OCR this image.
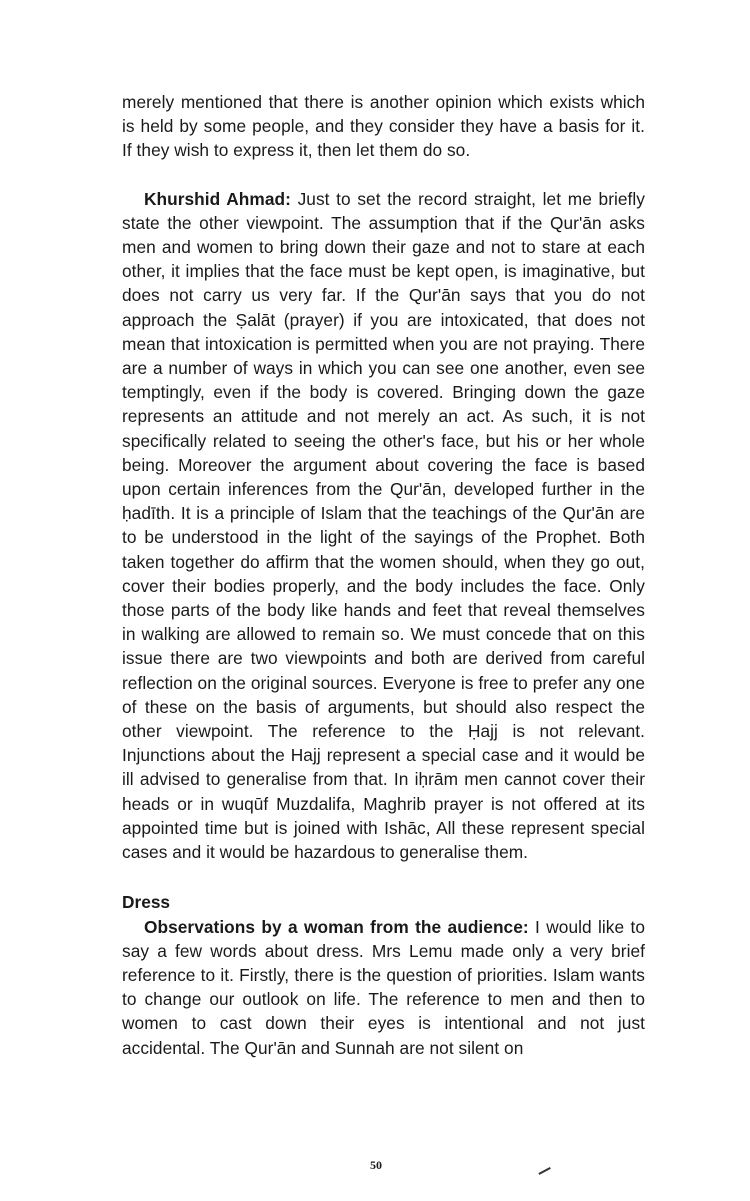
merely mentioned that there is another opinion which exists which is held by some people, and they consider they have a basis for it. If they wish to express it, then let them do so.

Khurshid Ahmad: Just to set the record straight, let me briefly state the other viewpoint. The assumption that if the Qur'ān asks men and women to bring down their gaze and not to stare at each other, it implies that the face must be kept open, is imaginative, but does not carry us very far. If the Qur'ān says that you do not approach the Ṣalāt (prayer) if you are intoxicated, that does not mean that intoxication is permitted when you are not praying. There are a number of ways in which you can see one another, even see temptingly, even if the body is covered. Bringing down the gaze represents an attitude and not merely an act. As such, it is not specifically related to seeing the other's face, but his or her whole being. Moreover the argument about covering the face is based upon certain inferences from the Qur'ān, developed further in the ḥadīth. It is a principle of Islam that the teachings of the Qur'ān are to be understood in the light of the sayings of the Prophet. Both taken together do affirm that the women should, when they go out, cover their bodies properly, and the body includes the face. Only those parts of the body like hands and feet that reveal themselves in walking are allowed to remain so. We must concede that on this issue there are two viewpoints and both are derived from careful reflection on the original sources. Everyone is free to prefer any one of these on the basis of arguments, but should also respect the other viewpoint. The reference to the Ḥajj is not relevant. Injunctions about the Hajj represent a special case and it would be ill advised to generalise from that. In iḥrām men cannot cover their heads or in wuqūf Muzdalifa, Maghrib prayer is not offered at its appointed time but is joined with Ishāc, All these represent special cases and it would be hazardous to generalise them.

Dress

Observations by a woman from the audience: I would like to say a few words about dress. Mrs Lemu made only a very brief reference to it. Firstly, there is the question of priorities. Islam wants to change our outlook on life. The reference to men and then to women to cast down their eyes is intentional and not just accidental. The Qur'ān and Sunnah are not silent on

50
